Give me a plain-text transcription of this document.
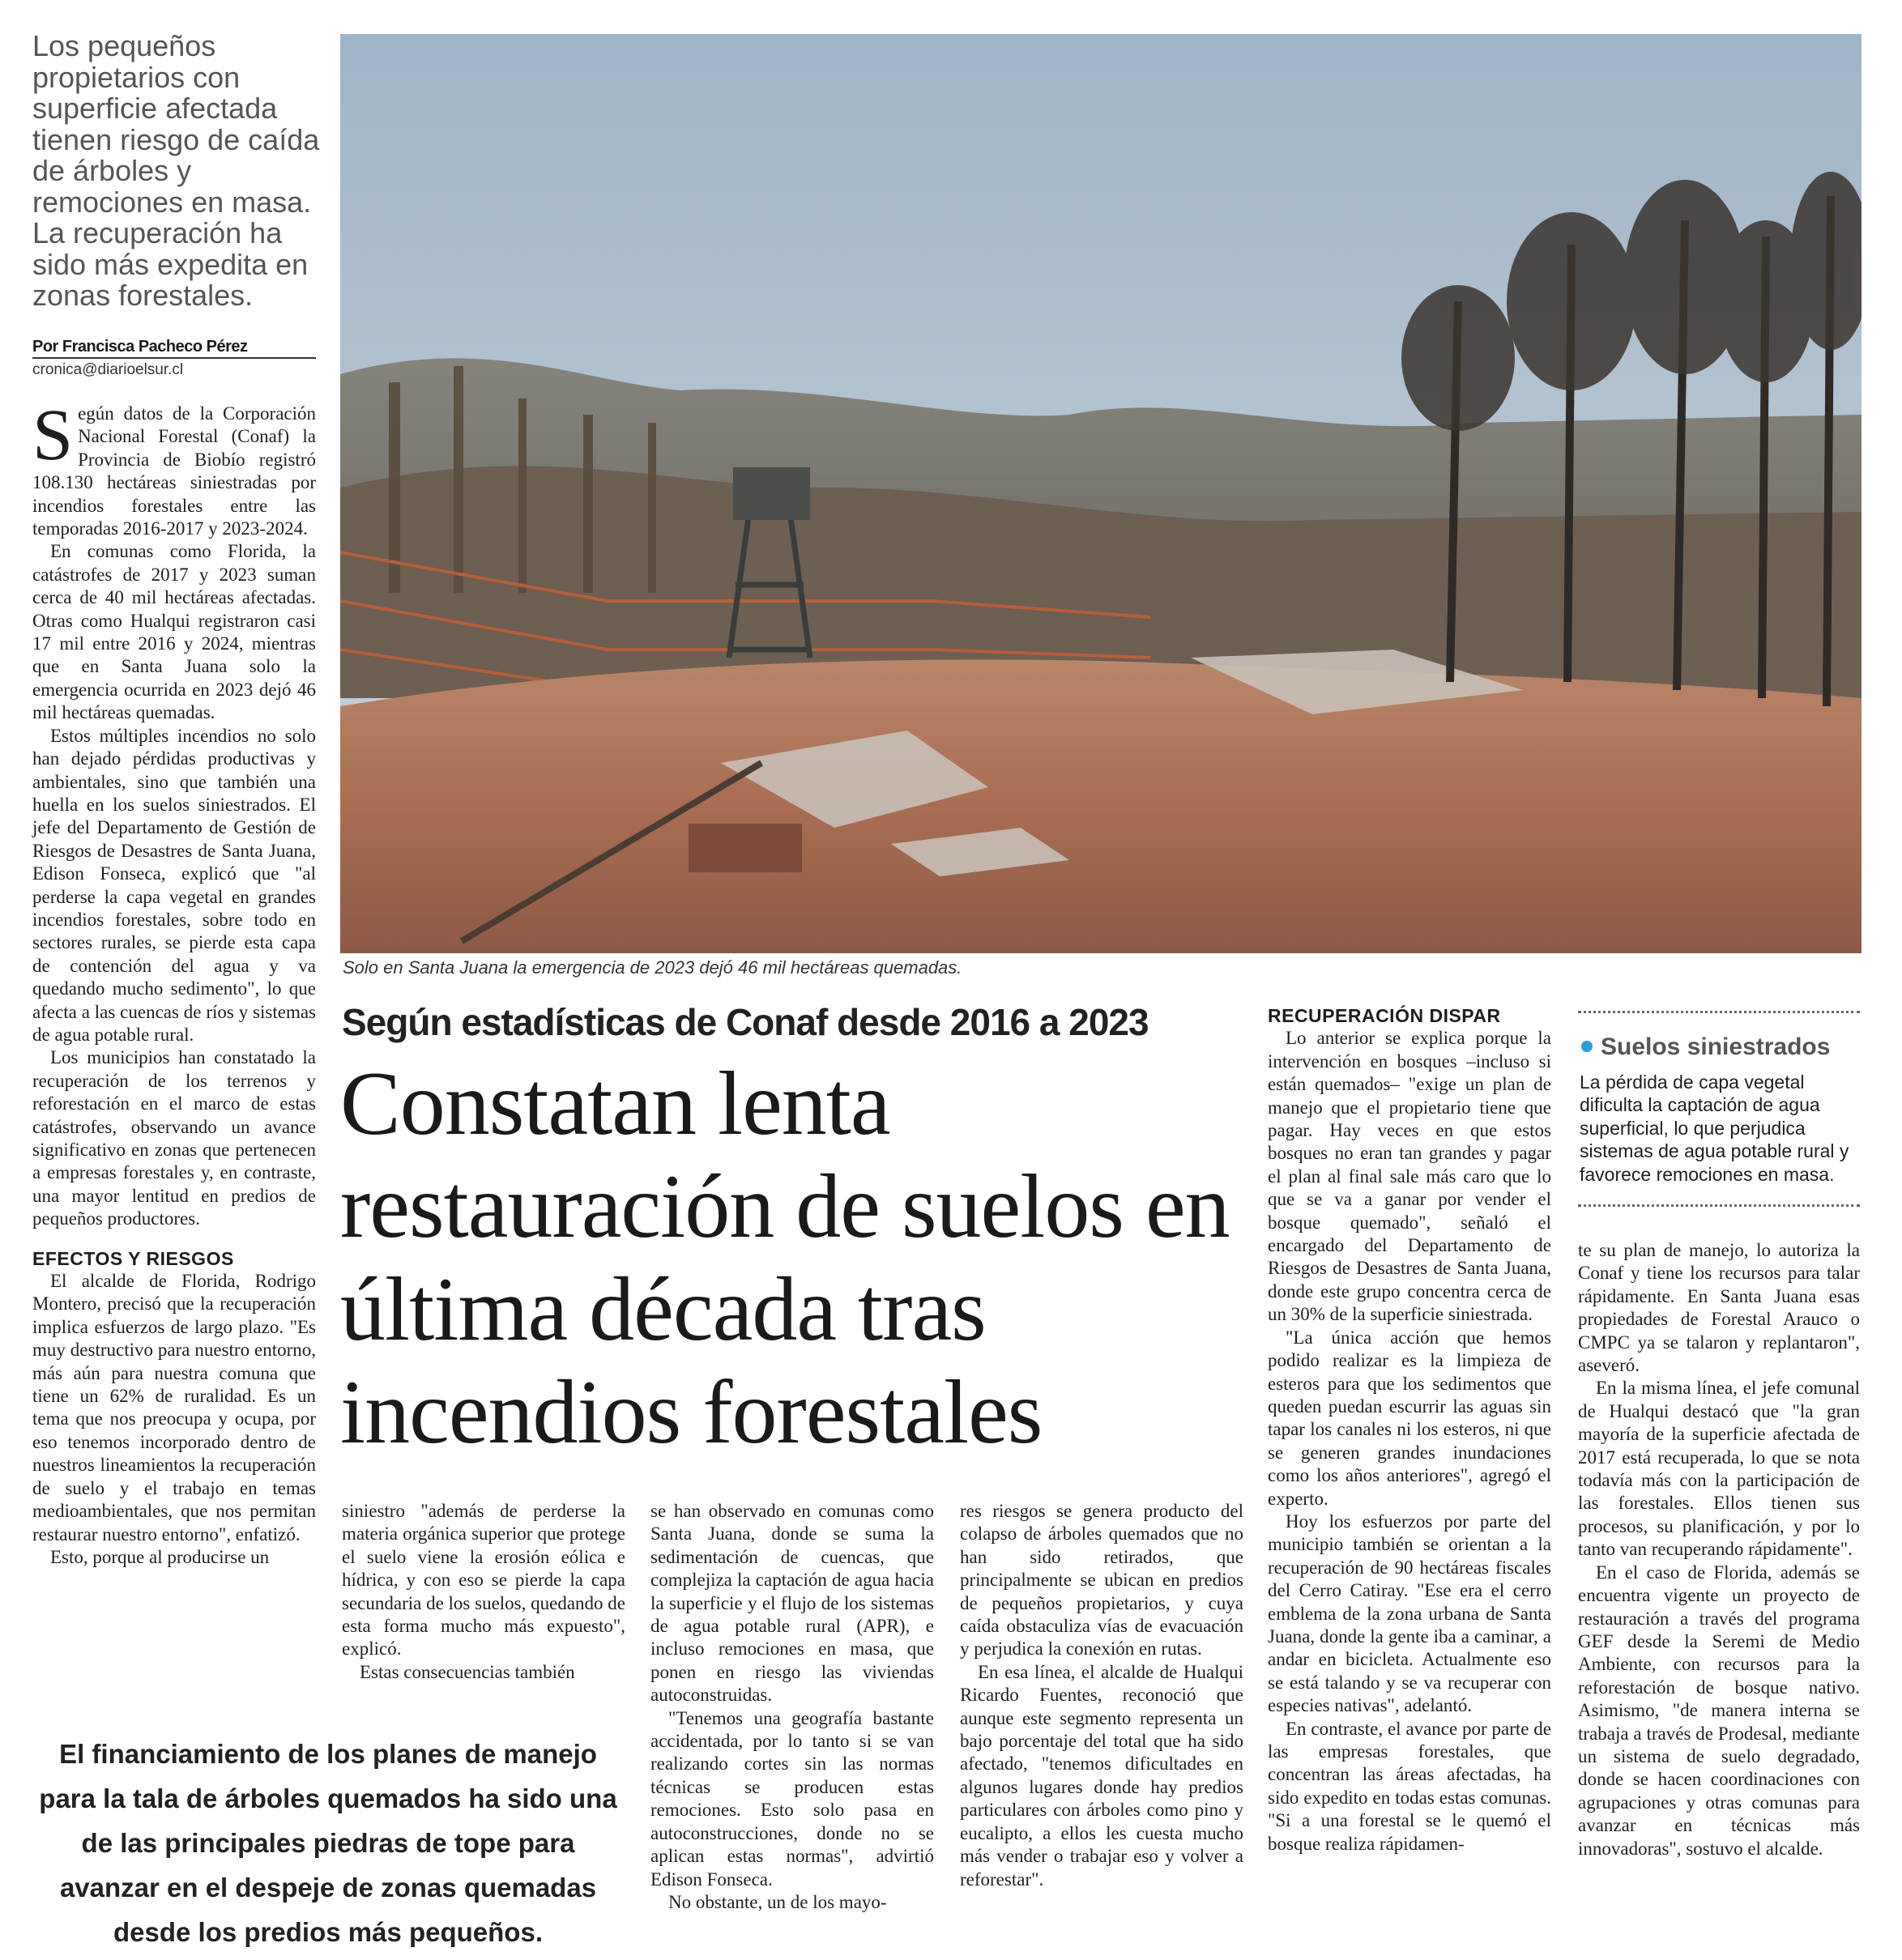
Los pequeños propietarios con superficie afectada tienen riesgo de caída de árboles y remociones en masa. La recuperación ha sido más expedita en zonas forestales.
Por Francisca Pacheco Pérez
cronica@diarioelsur.cl

Según datos de la Corporación Nacional Forestal (Conaf) la Provincia de Biobío registró 108.130 hectáreas siniestradas por incendios forestales entre las temporadas 2016-2017 y 2023-2024.

En comunas como Florida, la catástrofes de 2017 y 2023 suman cerca de 40 mil hectáreas afectadas. Otras como Hualqui registraron casi 17 mil entre 2016 y 2024, mientras que en Santa Juana solo la emergencia ocurrida en 2023 dejó 46 mil hectáreas quemadas.

Estos múltiples incendios no solo han dejado pérdidas productivas y ambientales, sino que también una huella en los suelos siniestrados. El jefe del Departamento de Gestión de Riesgos de Desastres de Santa Juana, Edison Fonseca, explicó que "al perderse la capa vegetal en grandes incendios forestales, sobre todo en sectores rurales, se pierde esta capa de contención del agua y va quedando mucho sedimento", lo que afecta a las cuencas de ríos y sistemas de agua potable rural.

Los municipios han constatado la recuperación de los terrenos y reforestación en el marco de estas catástrofes, observando un avance significativo en zonas que pertenecen a empresas forestales y, en contraste, una mayor lentitud en predios de pequeños productores.

EFECTOS Y RIESGOS

El alcalde de Florida, Rodrigo Montero, precisó que la recuperación implica esfuerzos de largo plazo. "Es muy destructivo para nuestro entorno, más aún para nuestra comuna que tiene un 62% de ruralidad. Es un tema que nos preocupa y ocupa, por eso tenemos incorporado dentro de nuestros lineamientos la recuperación de suelo y el trabajo en temas medioambientales, que nos permitan restaurar nuestro entorno", enfatizó.

Esto, porque al producirse un

Solo en Santa Juana la emergencia de 2023 dejó 46 mil hectáreas quemadas.
Según estadísticas de Conaf desde 2016 a 2023
Constatan lenta restauración de suelos en última década tras incendios forestales

siniestro "además de perderse la materia orgánica superior que protege el suelo viene la erosión eólica e hídrica, y con eso se pierde la capa secundaria de los suelos, quedando de esta forma mucho más expuesto", explicó.

Estas consecuencias también

se han observado en comunas como Santa Juana, donde se suma la sedimentación de cuencas, que complejiza la captación de agua hacia la superficie y el flujo de los sistemas de agua potable rural (APR), e incluso remociones en masa, que ponen en riesgo las viviendas autoconstruidas.

"Tenemos una geografía bastante accidentada, por lo tanto si se van realizando cortes sin las normas técnicas se producen estas remociones. Esto solo pasa en autoconstrucciones, donde no se aplican estas normas", advirtió Edison Fonseca.

No obstante, un de los mayo-

res riesgos se genera producto del colapso de árboles quemados que no han sido retirados, que principalmente se ubican en predios de pequeños propietarios, y cuya caída obstaculiza vías de evacuación y perjudica la conexión en rutas.

En esa línea, el alcalde de Hualqui Ricardo Fuentes, reconoció que aunque este segmento representa un bajo porcentaje del total que ha sido afectado, "tenemos dificultades en algunos lugares donde hay predios particulares con árboles como pino y eucalipto, a ellos les cuesta mucho más vender o trabajar eso y volver a reforestar".

RECUPERACIÓN DISPAR

Lo anterior se explica porque la intervención en bosques –incluso si están quemados– "exige un plan de manejo que el propietario tiene que pagar. Hay veces en que estos bosques no eran tan grandes y pagar el plan al final sale más caro que lo que se va a ganar por vender el bosque quemado", señaló el encargado del Departamento de Riesgos de Desastres de Santa Juana, donde este grupo concentra cerca de un 30% de la superficie siniestrada.

"La única acción que hemos podido realizar es la limpieza de esteros para que los sedimentos que queden puedan escurrir las aguas sin tapar los canales ni los esteros, ni que se generen grandes inundaciones como los años anteriores", agregó el experto.

Hoy los esfuerzos por parte del municipio también se orientan a la recuperación de 90 hectáreas fiscales del Cerro Catiray. "Ese era el cerro emblema de la zona urbana de Santa Juana, donde la gente iba a caminar, a andar en bicicleta. Actualmente eso se está talando y se va recuperar con especies nativas", adelantó.

En contraste, el avance por parte de las empresas forestales, que concentran las áreas afectadas, ha sido expedito en todas estas comunas. "Si a una forestal se le quemó el bosque realiza rápidamen-

Suelos siniestrados
La pérdida de capa vegetal dificulta la captación de agua superficial, lo que perjudica sistemas de agua potable rural y favorece remociones en masa.

te su plan de manejo, lo autoriza la Conaf y tiene los recursos para talar rápidamente. En Santa Juana esas propiedades de Forestal Arauco o CMPC ya se talaron y replantaron", aseveró.

En la misma línea, el jefe comunal de Hualqui destacó que "la gran mayoría de la superficie afectada de 2017 está recuperada, lo que se nota todavía más con la participación de las forestales. Ellos tienen sus procesos, su planificación, y por lo tanto van recuperando rápidamente".

En el caso de Florida, además se encuentra vigente un proyecto de restauración a través del programa GEF desde la Seremi de Medio Ambiente, con recursos para la reforestación de bosque nativo. Asimismo, "de manera interna se trabaja a través de Prodesal, mediante un sistema de suelo degradado, donde se hacen coordinaciones con agrupaciones y otras comunas para avanzar en técnicas más innovadoras", sostuvo el alcalde.

El financiamiento de los planes de manejo para la tala de árboles quemados ha sido una de las principales piedras de tope para avanzar en el despeje de zonas quemadas desde los predios más pequeños.
